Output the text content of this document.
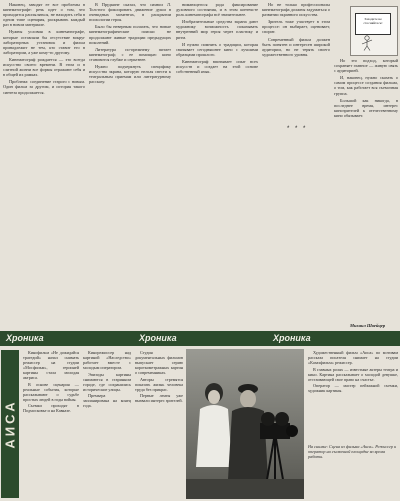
Наконец, заводят ее все проблемы в кинематографе: речь идет о том, что приходится распыляться, не находить себя в одном типе сценария, раскрывать каждый раз в новом материале.

Нужны условия в кинематографе, которые оставляли бы отсутствие вокруг лабораторных установок и фильм принадлежит не тем, кто ставит его в лаборатории, а уже кому-то другому.

Кинематограф рождается — это всегда искусство своего времени. В этом и в слитной жизни все формы отражают себя и в общей их рамках.

Проблема: соединение старого с новым. Один фильм за другим, и история такого синтеза продолжается.

В Прудкине сказал, что символ Л. Толстого фиксировать движение души в очевидных моментах, в раскрытии психологии героя.

Было бы неверным полагать, что новые кинематографические поиски не продолжают живые традиции предыдущих поколений.

Литература по-прежнему питает кинематограф; с ее помощью кино становится глубже и серьезнее.

Нужно подчеркнуть специфику искусства экрана, которую нельзя свести к театральным приемам или литературному рассказу.

нимающегося рода фиксирование духовного состояния, и в этом контексте роль кинематографа всё значительнее.

Изобразительные средства экрана дают художнику возможность показывать внутренний мир героя через пластику и ритм.

И нужно помнить о традиции, которая связывает сегодняшнее кино с лучшими образцами прошлого.

Кинематограф впитывает опыт всех искусств и создает на этой основе собственный язык.

Но не только профессионалы кинематографа должны задуматься о развитии экранного искусства.

Зритель тоже участвует в этом процессе: он выбирает, оценивает, спорит.

Современный фильм должен быть понятен и интересен широкой аудитории, но не терять своего художественного уровня.

Но это подход, который сохраняет главное — живую связь с аудиторией.

И, наконец, нужно сказать о самом процессе создания фильма, о том, как работает вся съемочная группа.

Большой как никогда, в последнее время, интерес кинозрителей к отечественному кино обязывает.

Заходите не стесняйтесь!
* * *
Михаил Швейцер
Хроника	Хроника	Хроника
АИСА

Кинофильм «Не дожидайся трагедий» начал снимать режиссер на студии «Мосфильм», героиней картины стала молодая актриса.

В основе сценария — реальные события, которые рассказывают о судьбе простых людей в годы войны.

Съемки проходят в Подмосковье и на Кавказе.

Кинорежиссер над картиной «Наследство» работает вместе с молодым оператором.

Эпизоды картины снимаются в старинном городе, где сохранились исторические улицы.

Премьера запланирована на конец года.

Студия документальных фильмов выпускает серию короткометражных картин о современниках.

Авторы стремятся показать жизнь человека труда без прикрас.

Первые ленты уже вызвали интерес зрителей.

Художественный фильм «Аиса» по мотивам рассказа писателя снимает на студии «Казахфильм» режиссер.

В главных ролях — известные актеры театра и кино. Картина рассказывает о молодой девушке, отстаивающей свое право на счастье.

Оператор — мастер пейзажной съемки, художник картины.

На снимке: Сцена из фильма «Аиса». Режиссер и оператор на съемочной площадке во время работы.
